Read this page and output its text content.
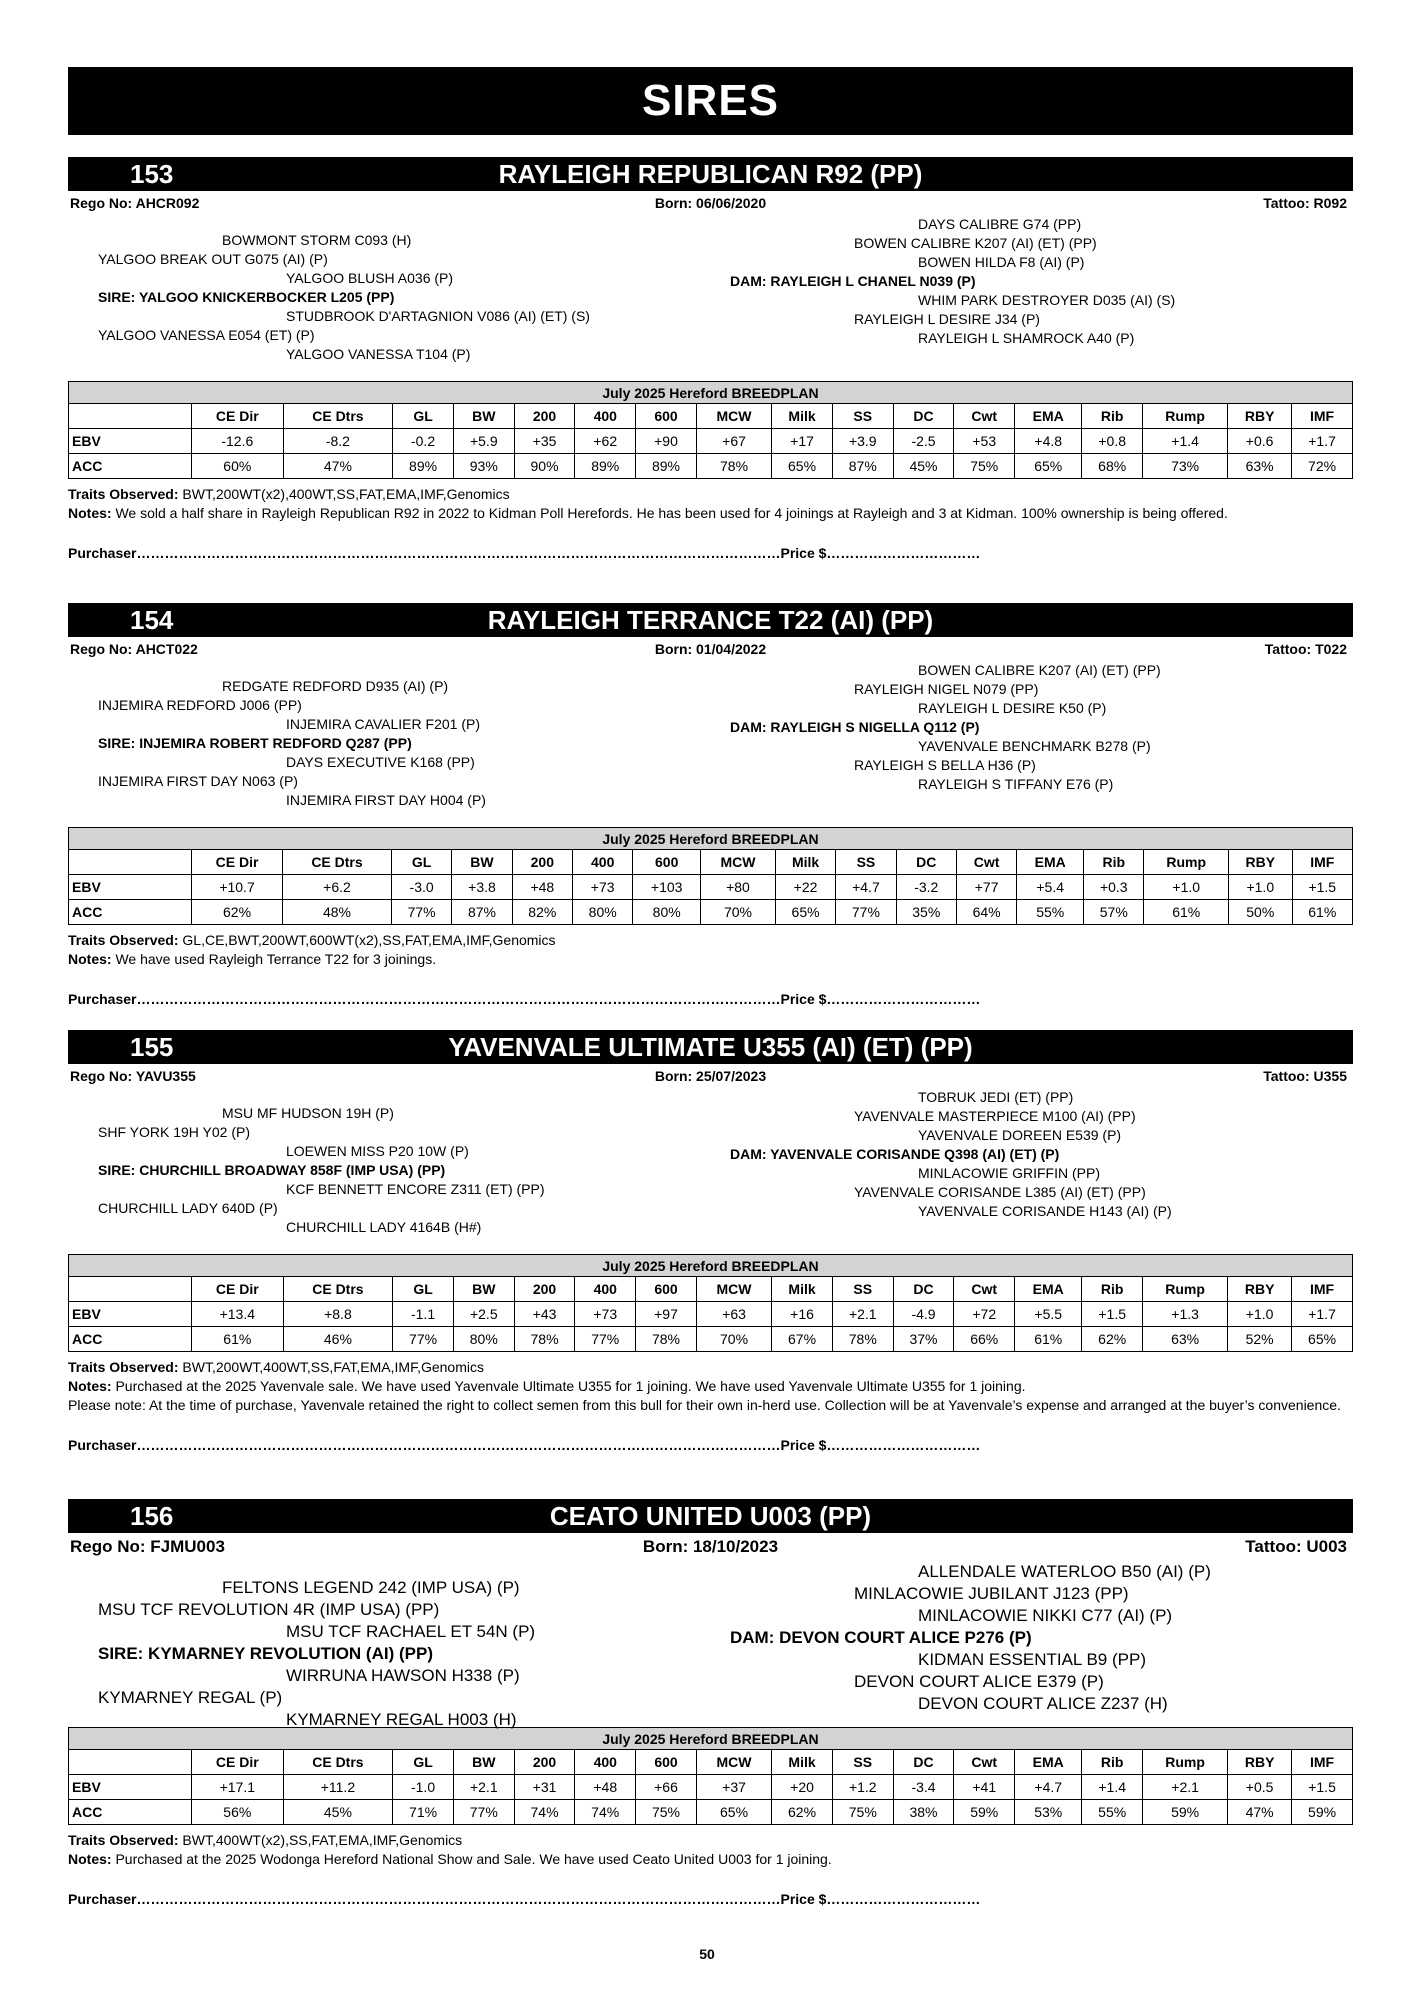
SIRES
153	RAYLEIGH REPUBLICAN R92 (PP)
Rego No: AHCR092	Born: 06/06/2020	Tattoo: R092
BOWMONT STORM C093 (H)
YALGOO BREAK OUT G075 (AI) (P)
YALGOO BLUSH A036 (P)
SIRE: YALGOO KNICKERBOCKER L205 (PP)
STUDBROOK D'ARTAGNION V086 (AI) (ET) (S)
YALGOO VANESSA E054 (ET) (P)
YALGOO VANESSA T104 (P)
DAYS CALIBRE G74 (PP)
BOWEN CALIBRE K207 (AI) (ET) (PP)
BOWEN HILDA F8 (AI) (P)
DAM: RAYLEIGH L CHANEL N039 (P)
WHIM PARK DESTROYER D035 (AI) (S)
RAYLEIGH L DESIRE J34 (P)
RAYLEIGH L SHAMROCK A40 (P)
July 2025 Hereford BREEDPLAN																	
	CE Dir	CE Dtrs	GL	BW	200	400	600	MCW	Milk	SS	DC	Cwt	EMA	Rib	Rump	RBY	IMF
EBV	-12.6	-8.2	-0.2	+5.9	+35	+62	+90	+67	+17	+3.9	-2.5	+53	+4.8	+0.8	+1.4	+0.6	+1.7
ACC	60%	47%	89%	93%	90%	89%	89%	78%	65%	87%	45%	75%	65%	68%	73%	63%	72%
Traits Observed: BWT,200WT(x2),400WT,SS,FAT,EMA,IMF,Genomics
Notes: We sold a half share in Rayleigh Republican R92 in 2022 to Kidman Poll Herefords. He has been used for 4 joinings at Rayleigh and 3 at Kidman. 100% ownership is being offered.
Purchaser…………………………………………………………………………………………………………………………Price $……………………………
154	RAYLEIGH TERRANCE T22 (AI) (PP)
Rego No: AHCT022	Born: 01/04/2022	Tattoo: T022
REDGATE REDFORD D935 (AI) (P)
INJEMIRA REDFORD J006 (PP)
INJEMIRA CAVALIER F201 (P)
SIRE: INJEMIRA ROBERT REDFORD Q287 (PP)
DAYS EXECUTIVE K168 (PP)
INJEMIRA FIRST DAY N063 (P)
INJEMIRA FIRST DAY H004 (P)
BOWEN CALIBRE K207 (AI) (ET) (PP)
RAYLEIGH NIGEL N079 (PP)
RAYLEIGH L DESIRE K50 (P)
DAM: RAYLEIGH S NIGELLA Q112 (P)
YAVENVALE BENCHMARK B278 (P)
RAYLEIGH S BELLA H36 (P)
RAYLEIGH S TIFFANY E76 (P)
July 2025 Hereford BREEDPLAN																	
	CE Dir	CE Dtrs	GL	BW	200	400	600	MCW	Milk	SS	DC	Cwt	EMA	Rib	Rump	RBY	IMF
EBV	+10.7	+6.2	-3.0	+3.8	+48	+73	+103	+80	+22	+4.7	-3.2	+77	+5.4	+0.3	+1.0	+1.0	+1.5
ACC	62%	48%	77%	87%	82%	80%	80%	70%	65%	77%	35%	64%	55%	57%	61%	50%	61%
Traits Observed: GL,CE,BWT,200WT,600WT(x2),SS,FAT,EMA,IMF,Genomics
Notes: We have used Rayleigh Terrance T22 for 3 joinings.
Purchaser…………………………………………………………………………………………………………………………Price $……………………………
155	YAVENVALE ULTIMATE U355 (AI) (ET) (PP)
Rego No: YAVU355	Born: 25/07/2023	Tattoo: U355
MSU MF HUDSON 19H (P)
SHF YORK 19H Y02 (P)
LOEWEN MISS P20 10W (P)
SIRE: CHURCHILL BROADWAY 858F (IMP USA) (PP)
KCF BENNETT ENCORE Z311 (ET) (PP)
CHURCHILL LADY 640D (P)
CHURCHILL LADY 4164B (H#)
TOBRUK JEDI (ET) (PP)
YAVENVALE MASTERPIECE M100 (AI) (PP)
YAVENVALE DOREEN E539 (P)
DAM: YAVENVALE CORISANDE Q398 (AI) (ET) (P)
MINLACOWIE GRIFFIN (PP)
YAVENVALE CORISANDE L385 (AI) (ET) (PP)
YAVENVALE CORISANDE H143 (AI) (P)
July 2025 Hereford BREEDPLAN																	
	CE Dir	CE Dtrs	GL	BW	200	400	600	MCW	Milk	SS	DC	Cwt	EMA	Rib	Rump	RBY	IMF
EBV	+13.4	+8.8	-1.1	+2.5	+43	+73	+97	+63	+16	+2.1	-4.9	+72	+5.5	+1.5	+1.3	+1.0	+1.7
ACC	61%	46%	77%	80%	78%	77%	78%	70%	67%	78%	37%	66%	61%	62%	63%	52%	65%
Traits Observed: BWT,200WT,400WT,SS,FAT,EMA,IMF,Genomics
Notes: Purchased at the 2025 Yavenvale sale. We have used Yavenvale Ultimate U355 for 1 joining. We have used Yavenvale Ultimate U355 for 1 joining.
Please note: At the time of purchase, Yavenvale retained the right to collect semen from this bull for their own in-herd use. Collection will be at Yavenvale’s expense and arranged at the buyer’s convenience.
Purchaser…………………………………………………………………………………………………………………………Price $……………………………
156	CEATO UNITED U003 (PP)
Rego No: FJMU003	Born: 18/10/2023	Tattoo: U003
FELTONS LEGEND 242 (IMP USA) (P)
MSU TCF REVOLUTION 4R (IMP USA) (PP)
MSU TCF RACHAEL ET 54N (P)
SIRE: KYMARNEY REVOLUTION (AI) (PP)
WIRRUNA HAWSON H338 (P)
KYMARNEY REGAL (P)
KYMARNEY REGAL H003 (H)
ALLENDALE WATERLOO B50 (AI) (P)
MINLACOWIE JUBILANT J123 (PP)
MINLACOWIE NIKKI C77 (AI) (P)
DAM: DEVON COURT ALICE P276 (P)
KIDMAN ESSENTIAL B9 (PP)
DEVON COURT ALICE E379 (P)
DEVON COURT ALICE Z237 (H)
July 2025 Hereford BREEDPLAN																	
	CE Dir	CE Dtrs	GL	BW	200	400	600	MCW	Milk	SS	DC	Cwt	EMA	Rib	Rump	RBY	IMF
EBV	+17.1	+11.2	-1.0	+2.1	+31	+48	+66	+37	+20	+1.2	-3.4	+41	+4.7	+1.4	+2.1	+0.5	+1.5
ACC	56%	45%	71%	77%	74%	74%	75%	65%	62%	75%	38%	59%	53%	55%	59%	47%	59%
Traits Observed: BWT,400WT(x2),SS,FAT,EMA,IMF,Genomics
Notes: Purchased at the 2025 Wodonga Hereford National Show and Sale. We have used Ceato United U003 for 1 joining.
Purchaser…………………………………………………………………………………………………………………………Price $……………………………
50
